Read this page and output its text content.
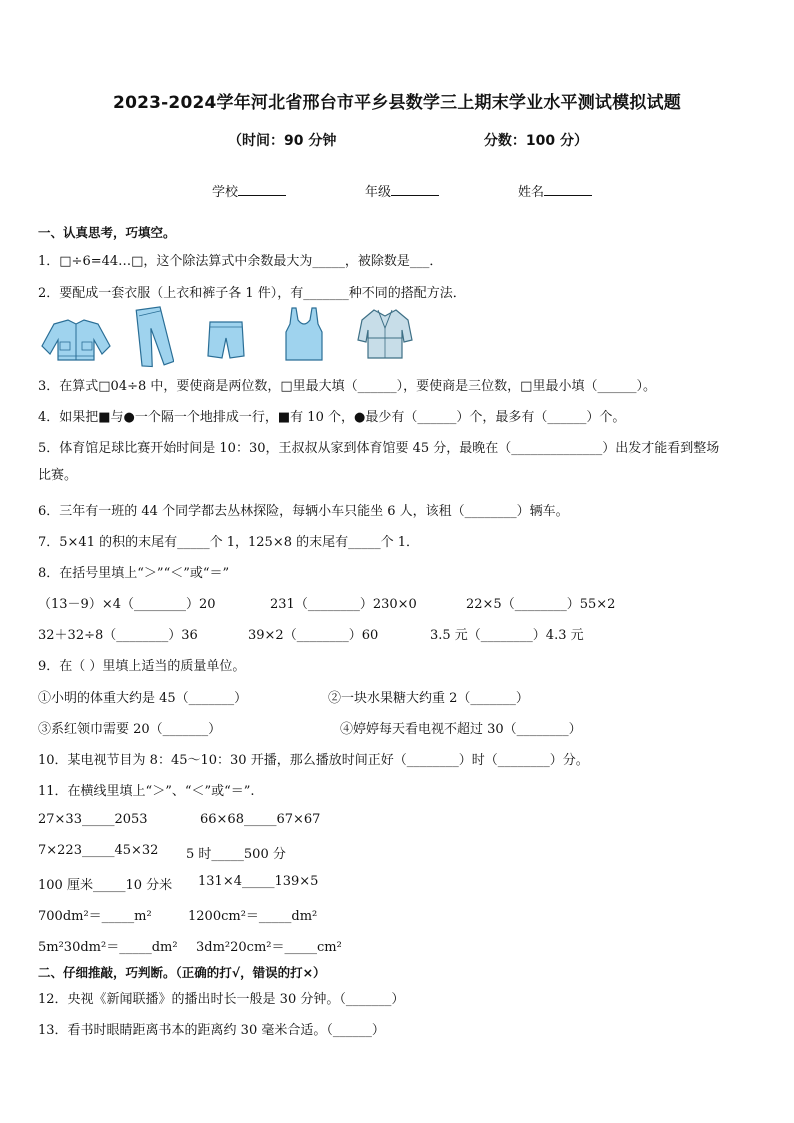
2023-2024学年河北省邢台市平乡县数学三上期末学业水平测试模拟试题
（时间：90 分钟	分数：100 分）
学校	年级	姓名
一、认真思考，巧填空。
1．□÷6=44…□，这个除法算式中余数最大为_____，被除数是___．
2．要配成一套衣服（上衣和裤子各 1 件），有_______种不同的搭配方法．
3．在算式□04÷8 中，要使商是两位数，□里最大填（______），要使商是三位数，□里最小填（______）。
4．如果把■与●一个隔一个地排成一行，■有 10 个，●最少有（______）个，最多有（______）个。
5．体育馆足球比赛开始时间是 10：30，王叔叔从家到体育馆要 45 分，最晚在（______________）出发才能看到整场
比赛。
6．三年有一班的 44 个同学都去丛林探险，每辆小车只能坐 6 人，该租（________）辆车。
7．5×41 的积的末尾有_____个 1，125×8 的末尾有_____个 1．
8．在括号里填上“＞”“＜”或“＝”
（13－9）×4（________）20	231（________）230×0	22×5（________）55×2
32＋32÷8（________）36	39×2（________）60	3.5 元（________）4.3 元
9．在（ ）里填上适当的质量单位。
①小明的体重大约是 45（_______）	②一块水果糖大约重 2（_______）
③系红领巾需要 20（_______）	④婷婷每天看电视不超过 30（________）
10．某电视节目为 8：45～10：30 开播，那么播放时间正好（________）时（________）分。
11．在横线里填上“＞”、“＜”或“＝”.
27×33_____2053	66×68_____67×67
7×223_____45×32 5 时_____500 分
100 厘米_____10 分米 131×4_____139×5
700dm²＝_____m²	1200cm²＝_____dm²
5m²30dm²＝_____dm² 3dm²20cm²＝_____cm²
二、仔细推敲，巧判断。（正确的打√，错误的打×）
12．央视《新闻联播》的播出时长一般是 30 分钟。（_______）
13．看书时眼睛距离书本的距离约 30 毫米合适。（______）
